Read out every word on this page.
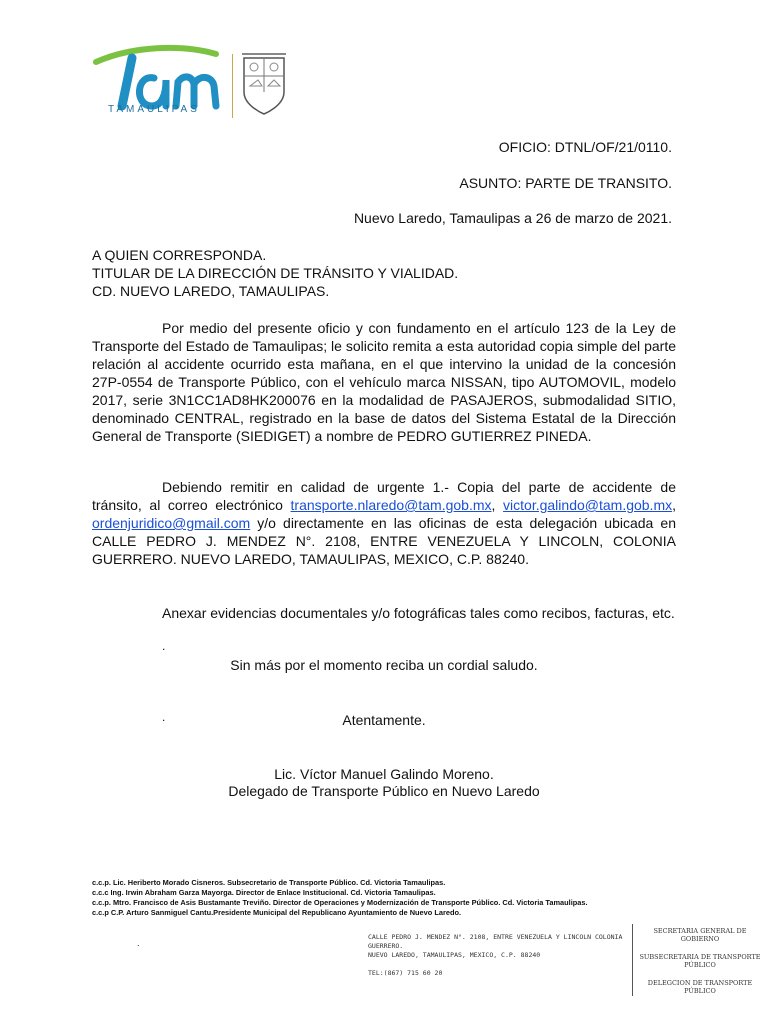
TAMAULIPAS
OFICIO: DTNL/OF/21/0110.
ASUNTO: PARTE DE TRANSITO.
Nuevo Laredo, Tamaulipas a 26 de marzo de 2021.
A QUIEN CORRESPONDA.
TITULAR DE LA DIRECCIÓN DE TRÁNSITO Y VIALIDAD.
CD. NUEVO LAREDO, TAMAULIPAS.
Por medio del presente oficio y con fundamento en el artículo 123 de la Ley de Transporte del Estado de Tamaulipas; le solicito remita a esta autoridad copia simple del parte relación al accidente ocurrido esta mañana, en el que intervino la unidad de la concesión 27P-0554 de Transporte Público, con el vehículo marca NISSAN, tipo AUTOMOVIL, modelo 2017, serie 3N1CC1AD8HK200076 en la modalidad de PASAJEROS, submodalidad SITIO, denominado CENTRAL, registrado en la base de datos del Sistema Estatal de la Dirección General de Transporte (SIEDIGET) a nombre de PEDRO GUTIERREZ PINEDA.
Debiendo remitir en calidad de urgente 1.- Copia del parte de accidente de tránsito, al correo electrónico transporte.nlaredo@tam.gob.mx, victor.galindo@tam.gob.mx, ordenjuridico@gmail.com y/o directamente en las oficinas de esta delegación ubicada en CALLE PEDRO J. MENDEZ N°. 2108, ENTRE VENEZUELA Y LINCOLN, COLONIA GUERRERO. NUEVO LAREDO, TAMAULIPAS, MEXICO, C.P. 88240.
Anexar evidencias documentales y/o fotográficas tales como recibos, facturas, etc.
.
Sin más por el momento reciba un cordial saludo.
.	Atentamente.
Lic. Víctor Manuel Galindo Moreno.
Delegado de Transporte Público en Nuevo Laredo
c.c.p. Lic. Heriberto Morado Cisneros. Subsecretario de Transporte Público. Cd. Victoria Tamaulipas.
c.c.c Ing. Irwin Abraham Garza Mayorga. Director de Enlace Institucional. Cd. Victoria Tamaulipas.
c.c.p. Mtro. Francisco de Asis Bustamante Treviño. Director de Operaciones y Modernización de Transporte Público. Cd. Victoria Tamaulipas.
c.c.p C.P. Arturo Sanmiguel Cantu.Presidente Municipal del Republicano Ayuntamiento de Nuevo Laredo.
.
CALLE PEDRO J. MENDEZ N°. 2108, ENTRE VENEZUELA Y LINCOLN COLONIA GUERRERO.
NUEVO LAREDO, TAMAULIPAS, MEXICO, C.P. 88240
TEL:(867) 715 60 20
SECRETARIA GENERAL DE GOBIERNO
SUBSECRETARIA DE TRANSPORTE PÚBLICO
DELEGCION DE TRANSPORTE PÚBLICO
